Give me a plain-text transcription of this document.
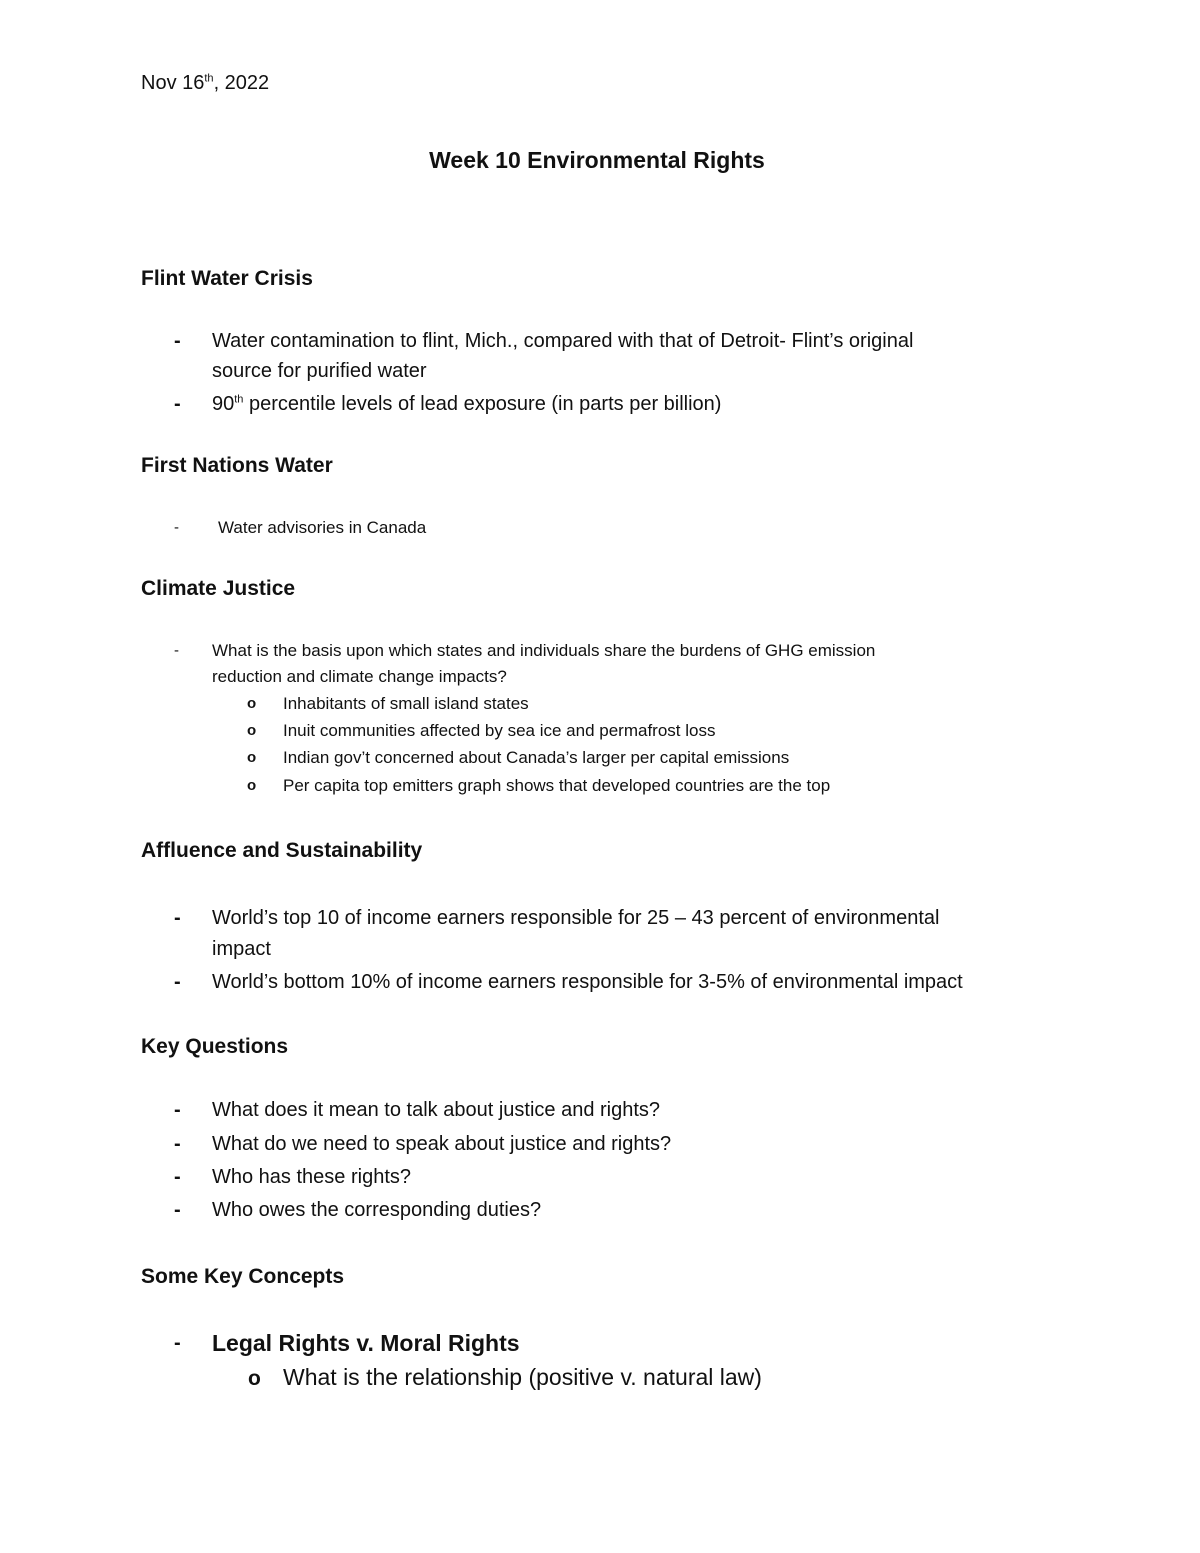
Nov 16th, 2022
Week 10 Environmental Rights
Flint Water Crisis
- Water contamination to flint, Mich., compared with that of Detroit- Flint’s original
source for purified water
- 90th percentile levels of lead exposure (in parts per billion)
First Nations Water
- Water advisories in Canada
Climate Justice
- What is the basis upon which states and individuals share the burdens of GHG emission
reduction and climate change impacts?
o Inhabitants of small island states
o Inuit communities affected by sea ice and permafrost loss
o Indian gov’t concerned about Canada’s larger per capital emissions
o Per capita top emitters graph shows that developed countries are the top
Affluence and Sustainability
- World’s top 10 of income earners responsible for 25 – 43 percent of environmental
impact
- World’s bottom 10% of income earners responsible for 3-5% of environmental impact
Key Questions
- What does it mean to talk about justice and rights?
- What do we need to speak about justice and rights?
- Who has these rights?
- Who owes the corresponding duties?
Some Key Concepts
- Legal Rights v. Moral Rights
o What is the relationship (positive v. natural law)
